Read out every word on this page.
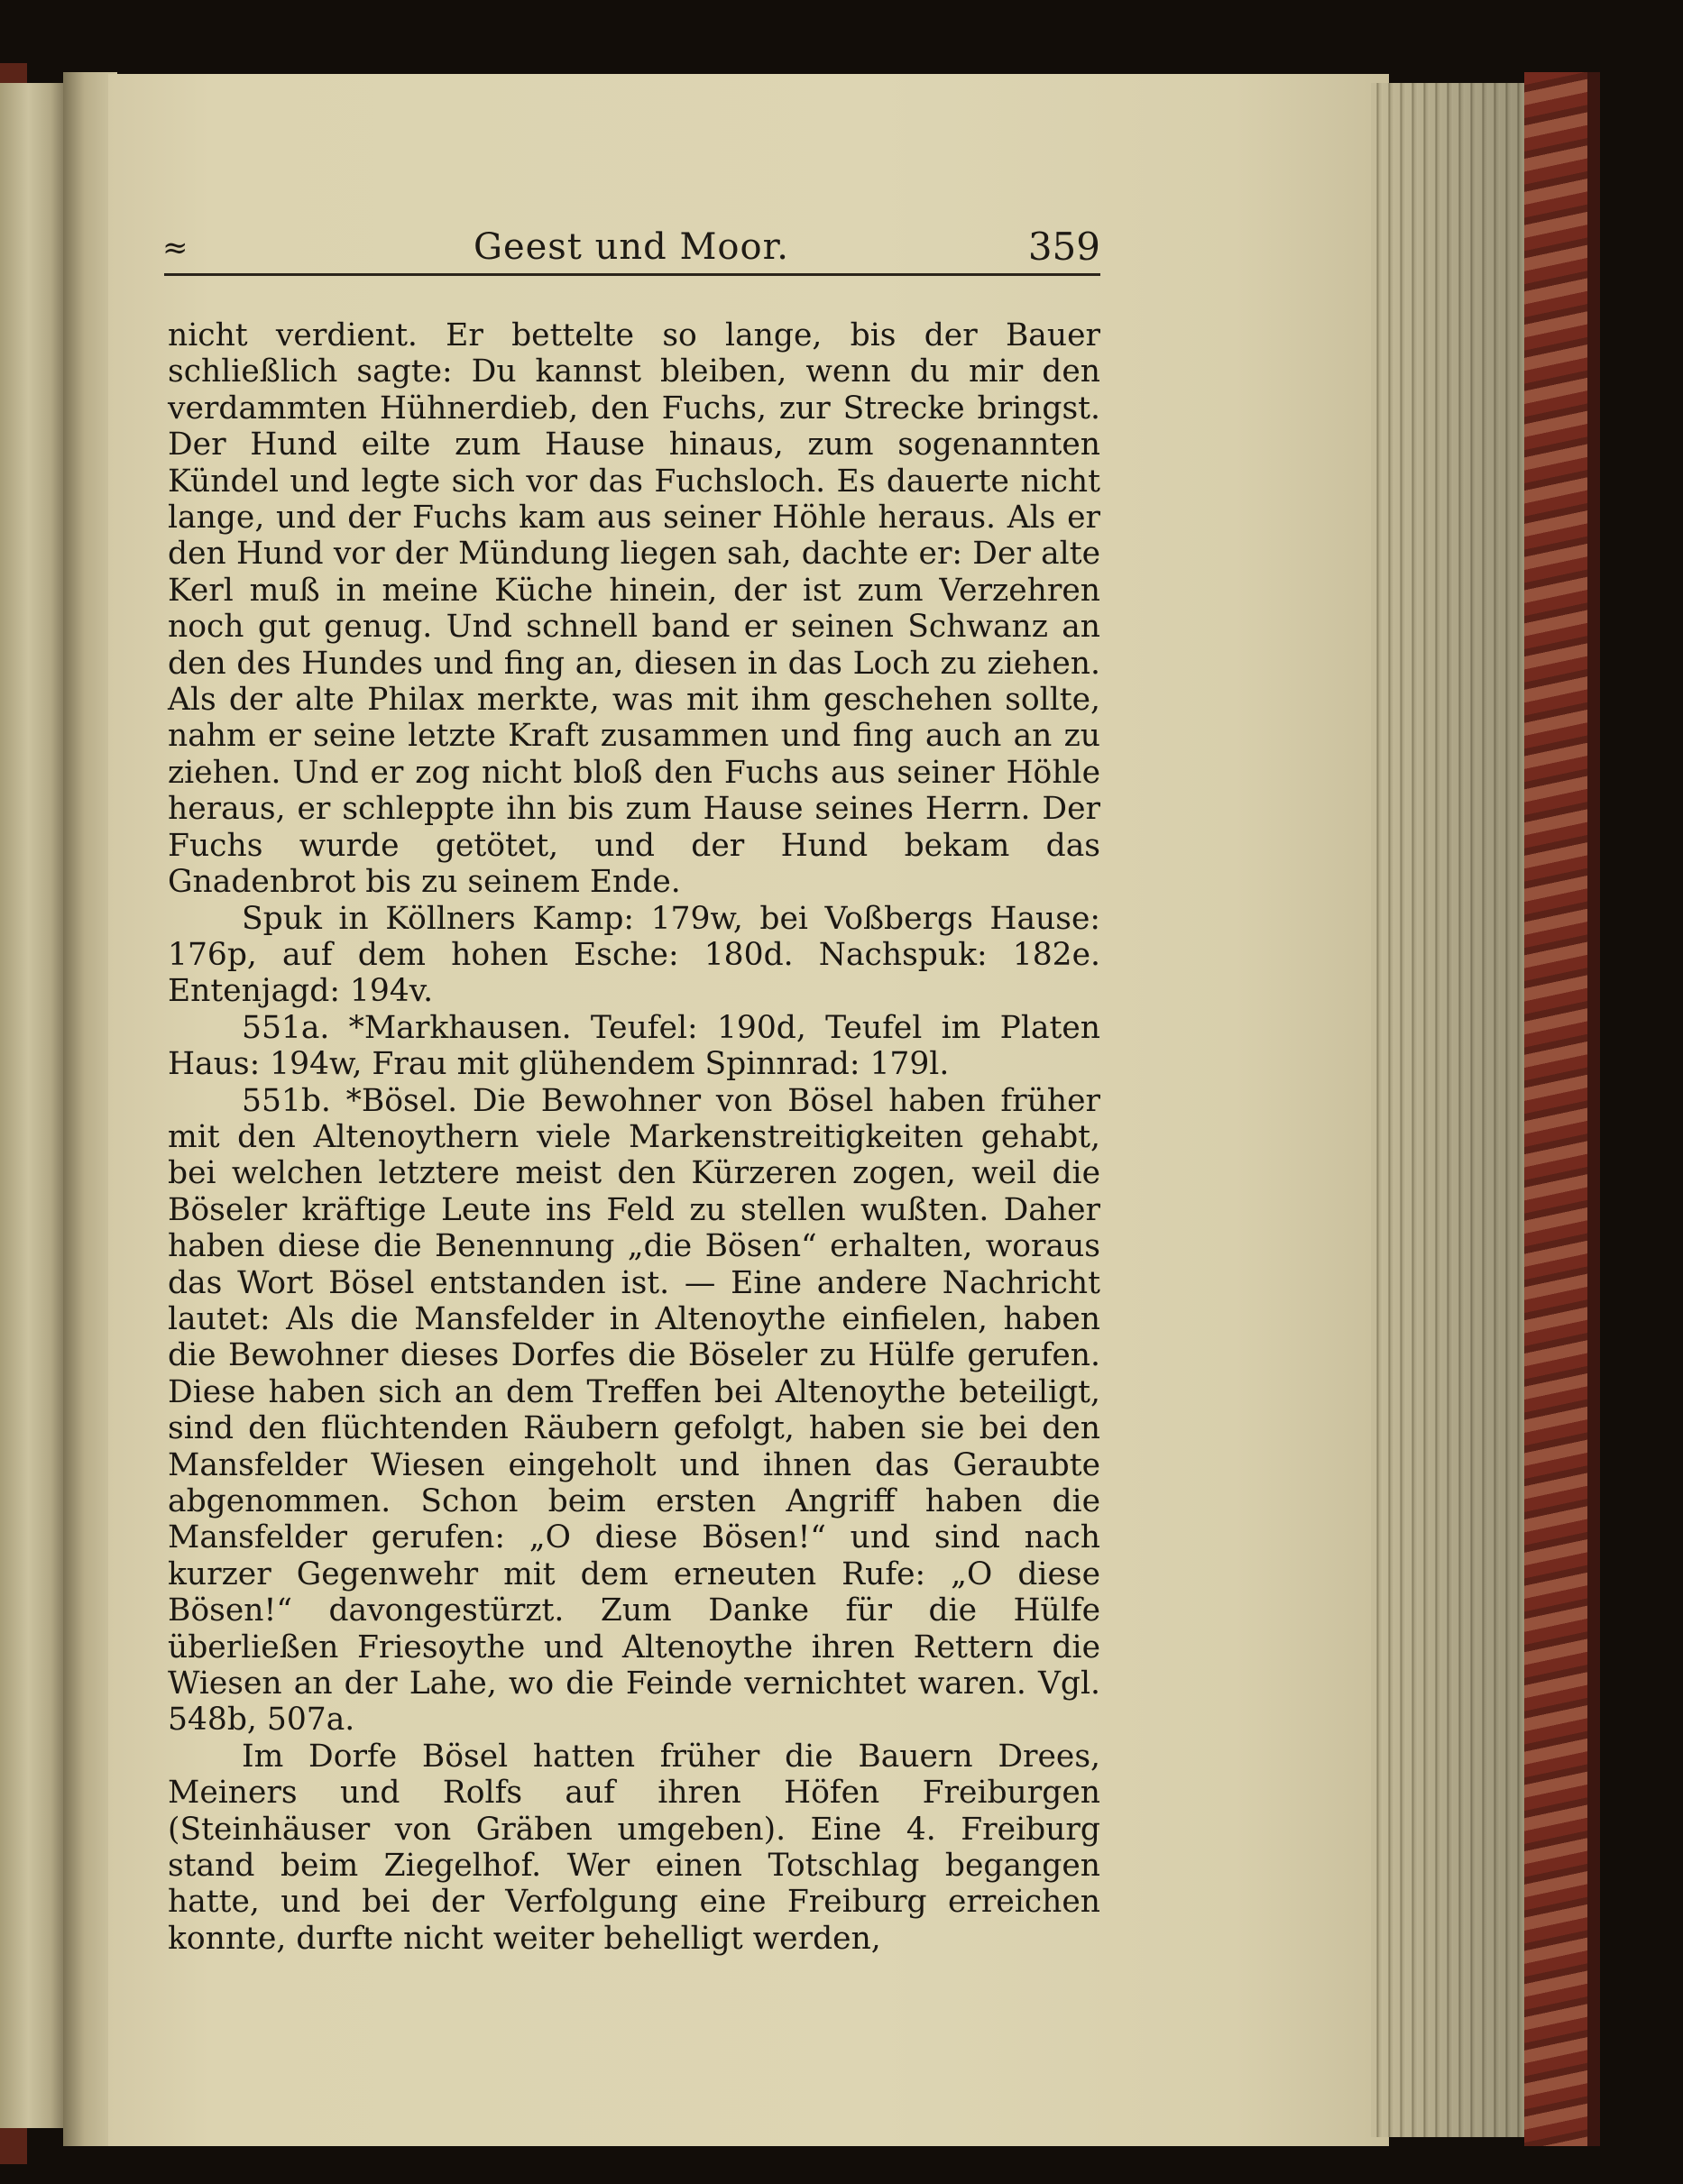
≈	Geest und Moor.	359

nicht verdient. Er bettelte so lange, bis der Bauer schließlich sagte: Du kannst bleiben, wenn du mir den verdammten Hühnerdieb, den Fuchs, zur Strecke bringst. Der Hund eilte zum Hause hinaus, zum sogenannten Kündel und legte sich vor das Fuchsloch. Es dauerte nicht lange, und der Fuchs kam aus seiner Höhle heraus. Als er den Hund vor der Mündung liegen sah, dachte er: Der alte Kerl muß in meine Küche hinein, der ist zum Verzehren noch gut genug. Und schnell band er seinen Schwanz an den des Hundes und fing an, diesen in das Loch zu ziehen. Als der alte Philax merkte, was mit ihm geschehen sollte, nahm er seine letzte Kraft zusammen und fing auch an zu ziehen. Und er zog nicht bloß den Fuchs aus seiner Höhle heraus, er schleppte ihn bis zum Hause seines Herrn. Der Fuchs wurde getötet, und der Hund bekam das Gnadenbrot bis zu seinem Ende.

Spuk in Köllners Kamp: 179w, bei Voßbergs Hause: 176p, auf dem hohen Esche: 180d. Nachspuk: 182e. Entenjagd: 194v.

551a. *Markhausen. Teufel: 190d, Teufel im Platen Haus: 194w, Frau mit glühendem Spinnrad: 179l.

551b. *Bösel. Die Bewohner von Bösel haben früher mit den Altenoythern viele Markenstreitigkeiten gehabt, bei welchen letztere meist den Kürzeren zogen, weil die Böseler kräftige Leute ins Feld zu stellen wußten. Daher haben diese die Benennung „die Bösen“ erhalten, woraus das Wort Bösel entstanden ist. — Eine andere Nachricht lautet: Als die Mansfelder in Altenoythe einfielen, haben die Bewohner dieses Dorfes die Böseler zu Hülfe gerufen. Diese haben sich an dem Treffen bei Altenoythe beteiligt, sind den flüchtenden Räubern gefolgt, haben sie bei den Mansfelder Wiesen eingeholt und ihnen das Geraubte abgenommen. Schon beim ersten Angriff haben die Mansfelder gerufen: „O diese Bösen!“ und sind nach kurzer Gegenwehr mit dem erneuten Rufe: „O diese Bösen!“ davongestürzt. Zum Danke für die Hülfe überließen Friesoythe und Altenoythe ihren Rettern die Wiesen an der Lahe, wo die Feinde vernichtet waren. Vgl. 548b, 507a.

Im Dorfe Bösel hatten früher die Bauern Drees, Meiners und Rolfs auf ihren Höfen Freiburgen (Steinhäuser von Gräben umgeben). Eine 4. Freiburg stand beim Ziegelhof. Wer einen Totschlag begangen hatte, und bei der Verfolgung eine Freiburg erreichen konnte, durfte nicht weiter behelligt werden,
